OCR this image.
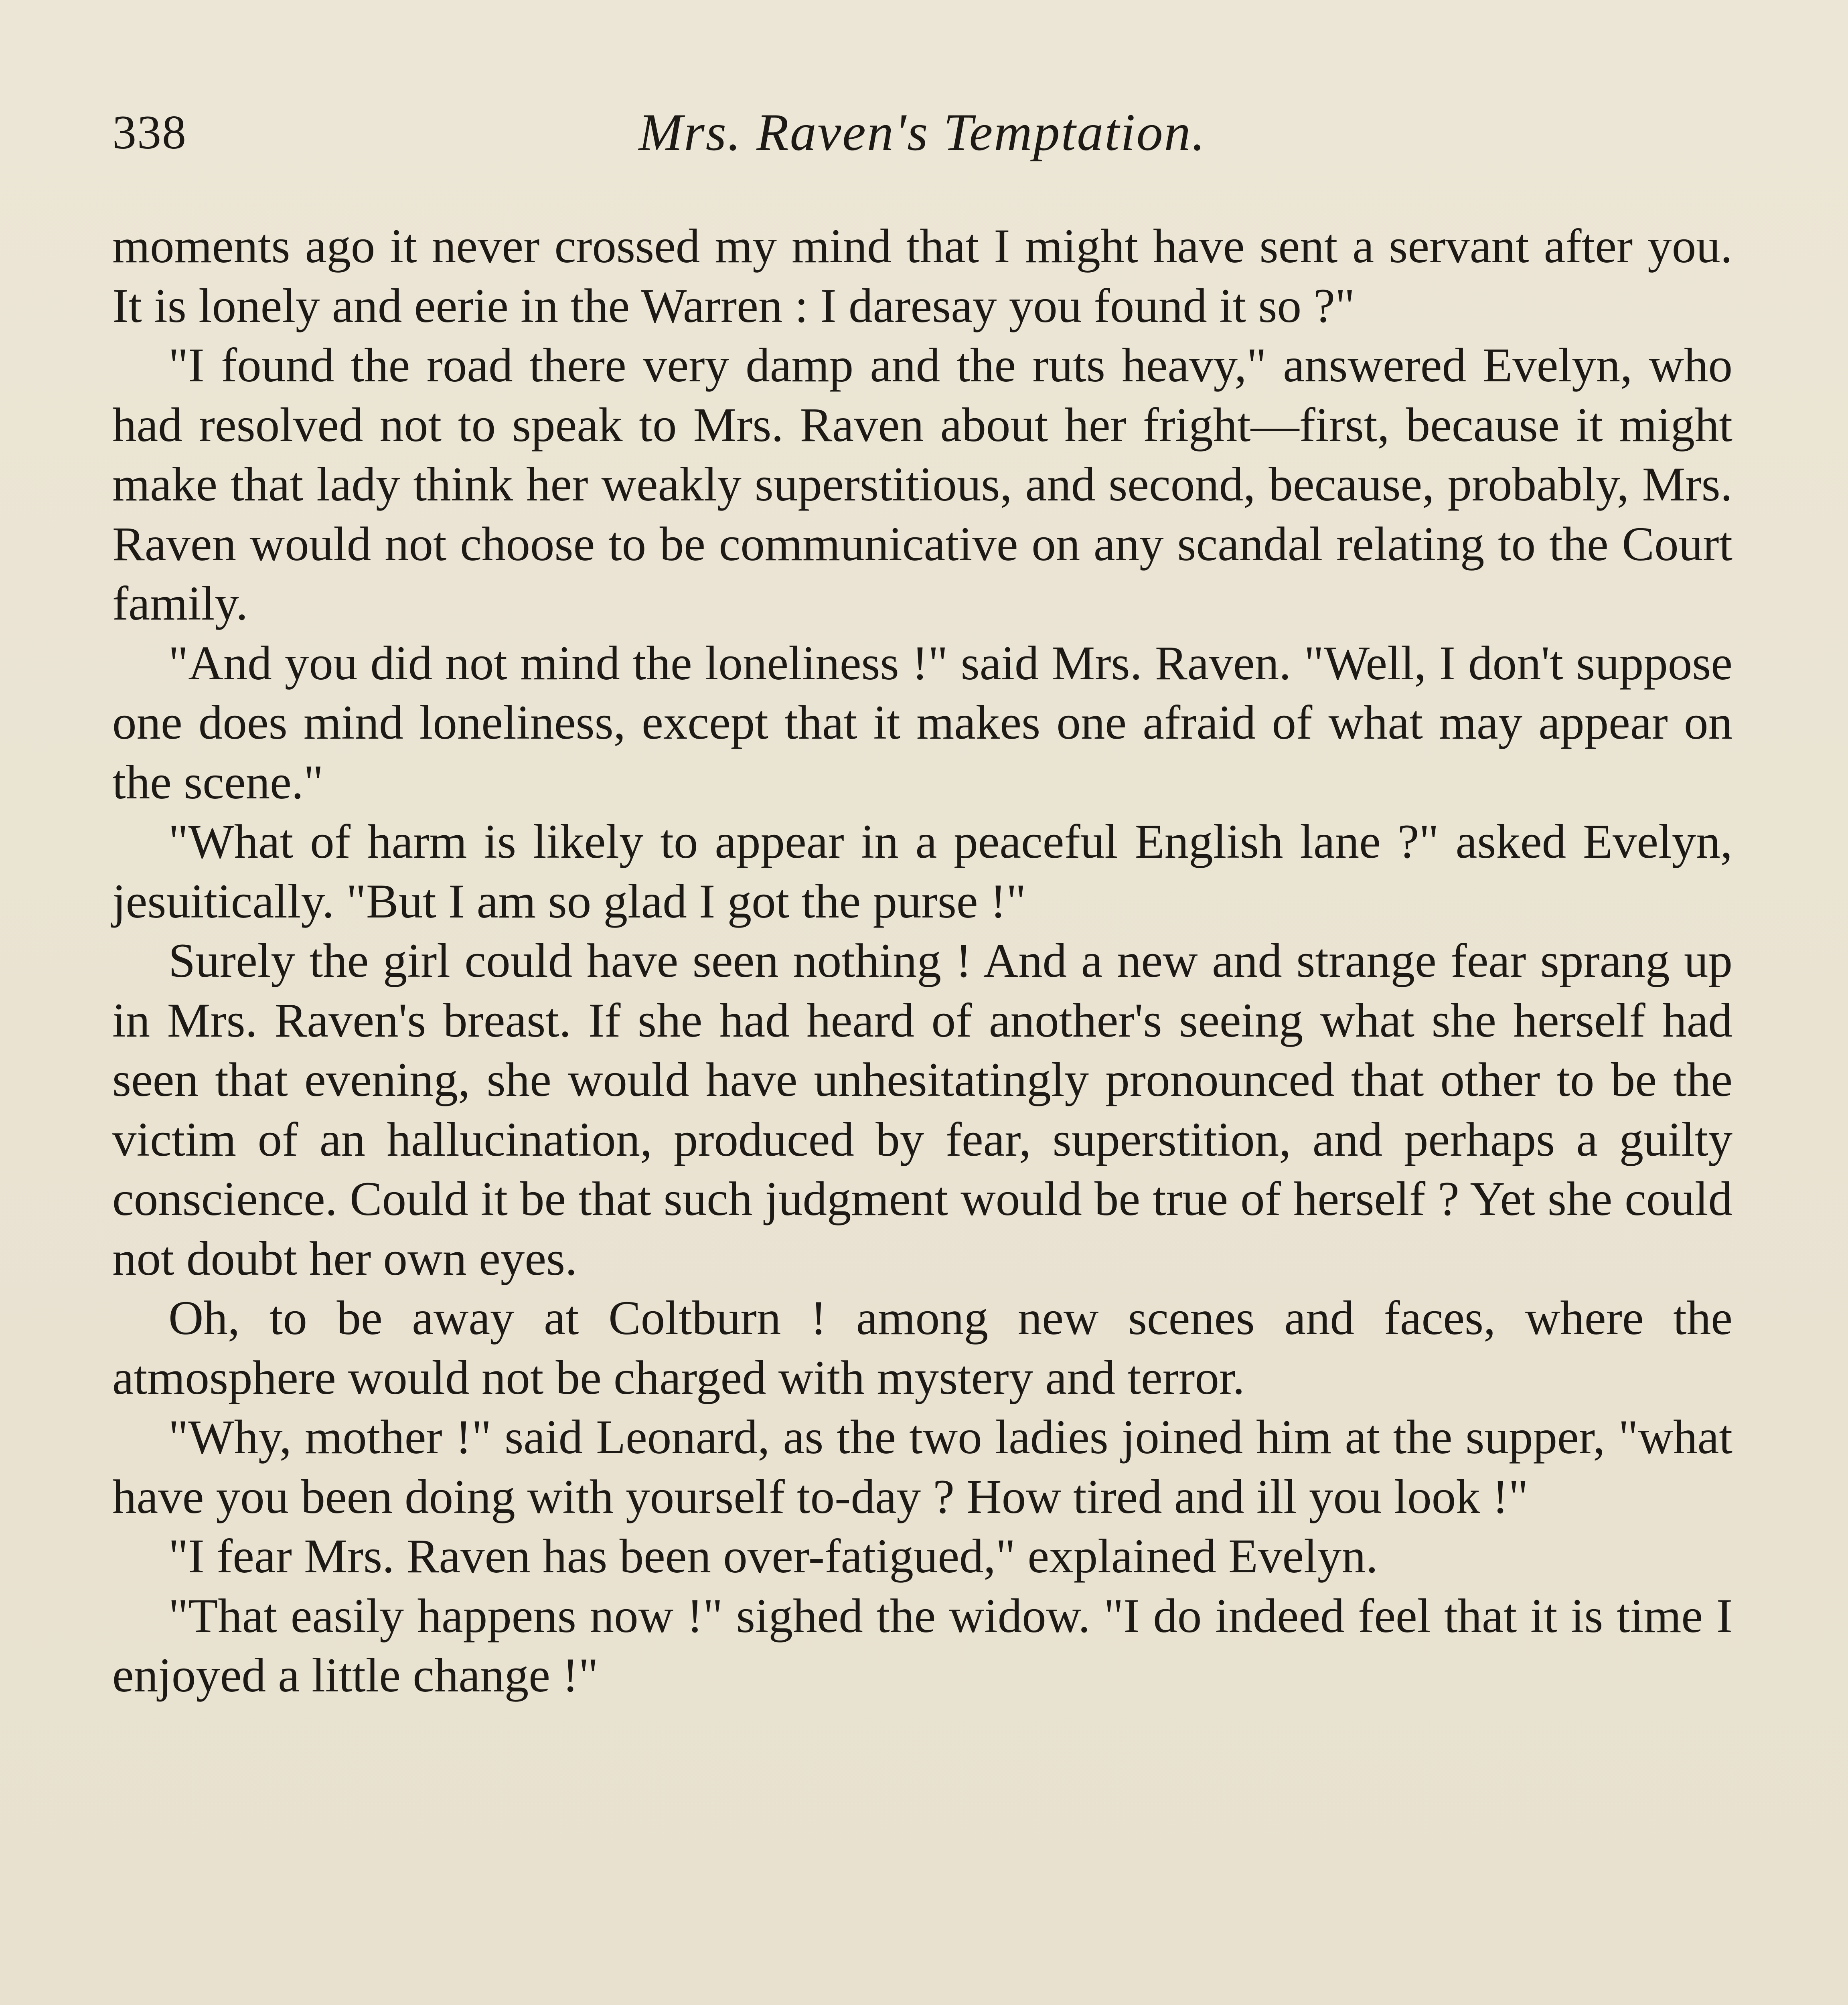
338	Mrs. Raven's Temptation.

moments ago it never crossed my mind that I might have sent a servant after you. It is lonely and eerie in the Warren : I daresay you found it so ?"

"I found the road there very damp and the ruts heavy," answered Evelyn, who had resolved not to speak to Mrs. Raven about her fright—first, because it might make that lady think her weakly superstitious, and second, because, probably, Mrs. Raven would not choose to be communicative on any scandal relating to the Court family.

"And you did not mind the loneliness !" said Mrs. Raven. "Well, I don't suppose one does mind loneliness, except that it makes one afraid of what may appear on the scene."

"What of harm is likely to appear in a peaceful English lane ?" asked Evelyn, jesuitically. "But I am so glad I got the purse !"

Surely the girl could have seen nothing ! And a new and strange fear sprang up in Mrs. Raven's breast. If she had heard of another's seeing what she herself had seen that evening, she would have unhesitatingly pronounced that other to be the victim of an hallucination, produced by fear, superstition, and perhaps a guilty conscience. Could it be that such judgment would be true of herself ? Yet she could not doubt her own eyes.

Oh, to be away at Coltburn ! among new scenes and faces, where the atmosphere would not be charged with mystery and terror.

"Why, mother !" said Leonard, as the two ladies joined him at the supper, "what have you been doing with yourself to-day ? How tired and ill you look !"

"I fear Mrs. Raven has been over-fatigued," explained Evelyn.

"That easily happens now !" sighed the widow. "I do indeed feel that it is time I enjoyed a little change !"
